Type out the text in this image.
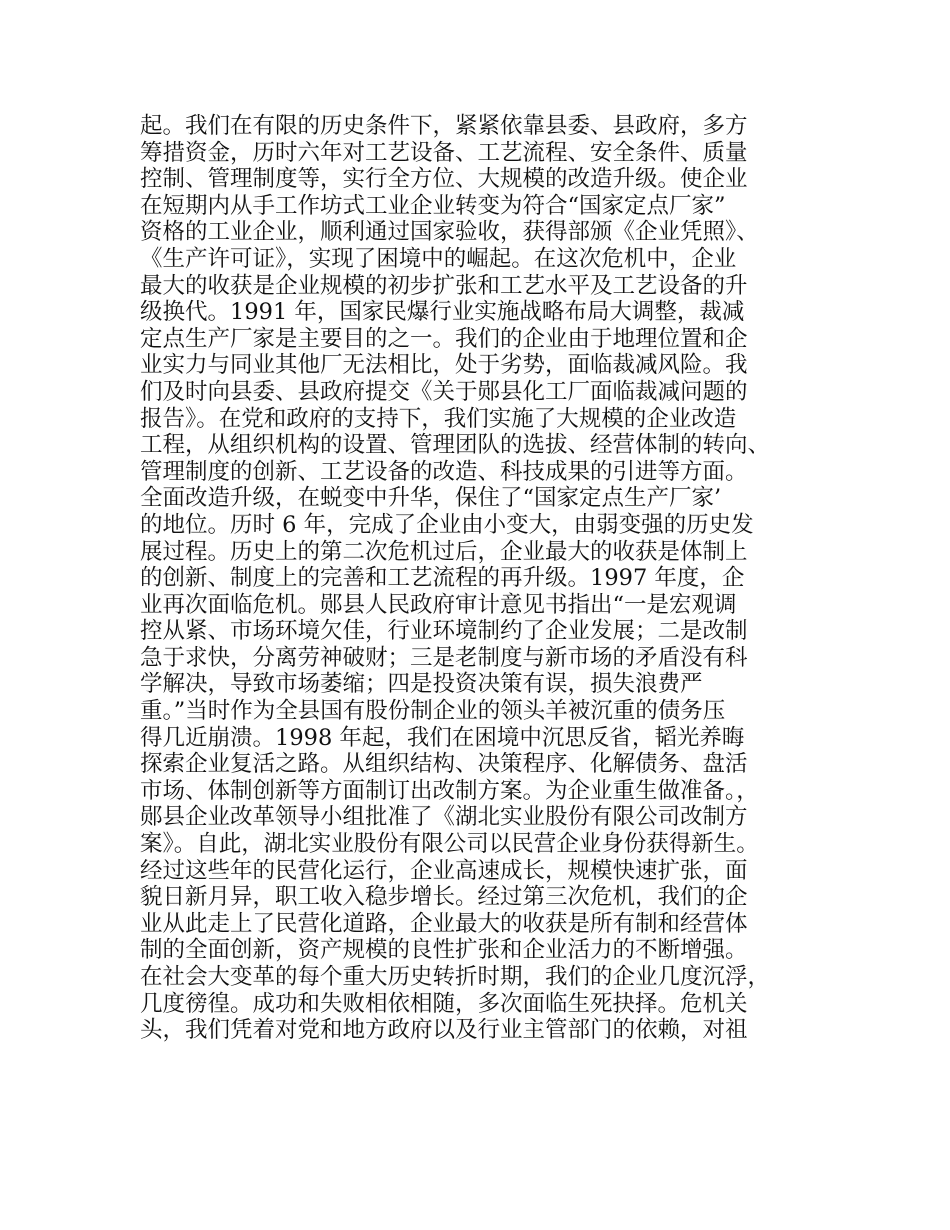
起。我们在有限的历史条件下，紧紧依靠县委、县政府，多方
筹措资金，历时六年对工艺设备、工艺流程、安全条件、质量
控制、管理制度等，实行全方位、大规模的改造升级。使企业
在短期内从手工作坊式工业企业转变为符合“国家定点厂家”
资格的工业企业，顺利通过国家验收，获得部颁《企业凭照》、
《生产许可证》，实现了困境中的崛起。在这次危机中，企业
最大的收获是企业规模的初步扩张和工艺水平及工艺设备的升
级换代。1991 年，国家民爆行业实施战略布局大调整，裁减
定点生产厂家是主要目的之一。我们的企业由于地理位置和企
业实力与同业其他厂无法相比，处于劣势，面临裁减风险。我
们及时向县委、县政府提交《关于郧县化工厂面临裁减问题的
报告》。在党和政府的支持下，我们实施了大规模的企业改造
工程，从组织机构的设置、管理团队的选拔、经营体制的转向、
管理制度的创新、工艺设备的改造、科技成果的引进等方面。
全面改造升级，在蜕变中升华，保住了“国家定点生产厂家’
的地位。历时 6 年，完成了企业由小变大，由弱变强的历史发
展过程。历史上的第二次危机过后，企业最大的收获是体制上
的创新、制度上的完善和工艺流程的再升级。1997 年度，企
业再次面临危机。郧县人民政府审计意见书指出“一是宏观调
控从紧、市场环境欠佳，行业环境制约了企业发展；二是改制
急于求快，分离劳神破财；三是老制度与新市场的矛盾没有科
学解决，导致市场萎缩；四是投资决策有误，损失浪费严
重。”当时作为全县国有股份制企业的领头羊被沉重的债务压
得几近崩溃。1998 年起，我们在困境中沉思反省，韬光养晦
探索企业复活之路。从组织结构、决策程序、化解债务、盘活
市场、体制创新等方面制订出改制方案。为企业重生做准备。，
郧县企业改革领导小组批准了《湖北实业股份有限公司改制方
案》。自此，湖北实业股份有限公司以民营企业身份获得新生。
经过这些年的民营化运行，企业高速成长，规模快速扩张，面
貌日新月异，职工收入稳步增长。经过第三次危机，我们的企
业从此走上了民营化道路，企业最大的收获是所有制和经营体
制的全面创新，资产规模的良性扩张和企业活力的不断增强。
在社会大变革的每个重大历史转折时期，我们的企业几度沉浮，
几度徬徨。成功和失败相依相随，多次面临生死抉择。危机关
头，我们凭着对党和地方政府以及行业主管部门的依赖，对祖
